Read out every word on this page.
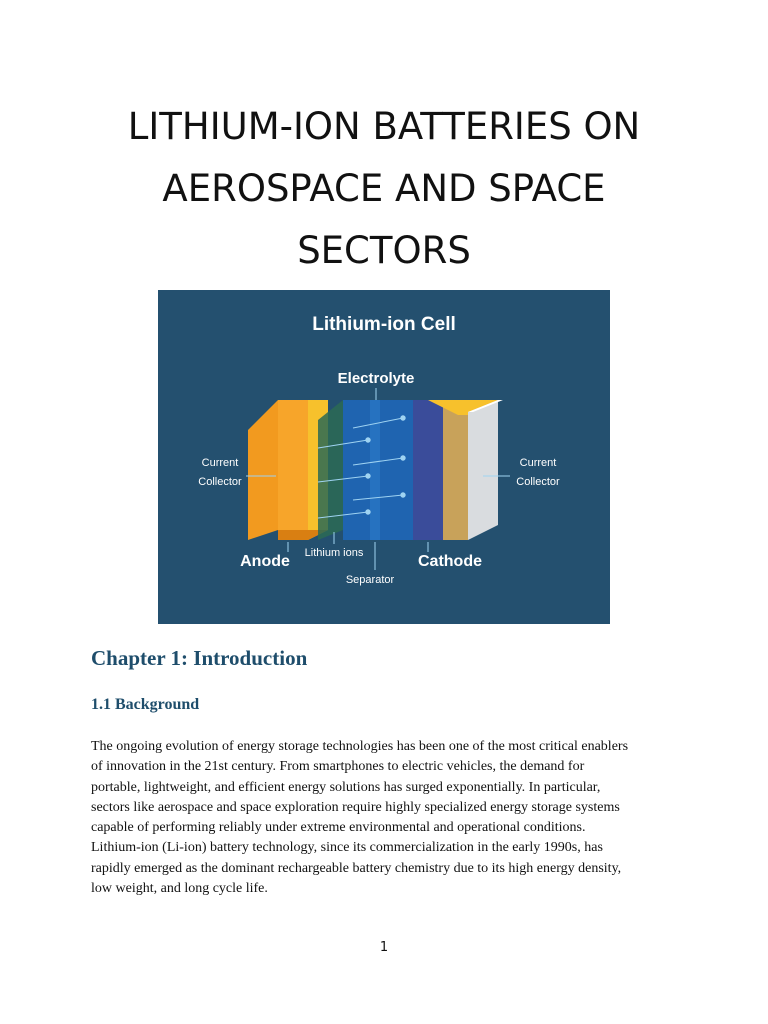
LITHIUM-ION BATTERIES ON
AEROSPACE AND SPACE
SECTORS
Lithium-ion Cell
Electrolyte
Current
Collector
Current
Collector
Anode Lithium ions
Separator
Cathode
Chapter 1: Introduction
1.1 Background

The ongoing evolution of energy storage technologies has been one of the most critical enablers
of innovation in the 21st century. From smartphones to electric vehicles, the demand for
portable, lightweight, and efficient energy solutions has surged exponentially. In particular,
sectors like aerospace and space exploration require highly specialized energy storage systems
capable of performing reliably under extreme environmental and operational conditions.
Lithium-ion (Li-ion) battery technology, since its commercialization in the early 1990s, has
rapidly emerged as the dominant rechargeable battery chemistry due to its high energy density,
low weight, and long cycle life.

1
